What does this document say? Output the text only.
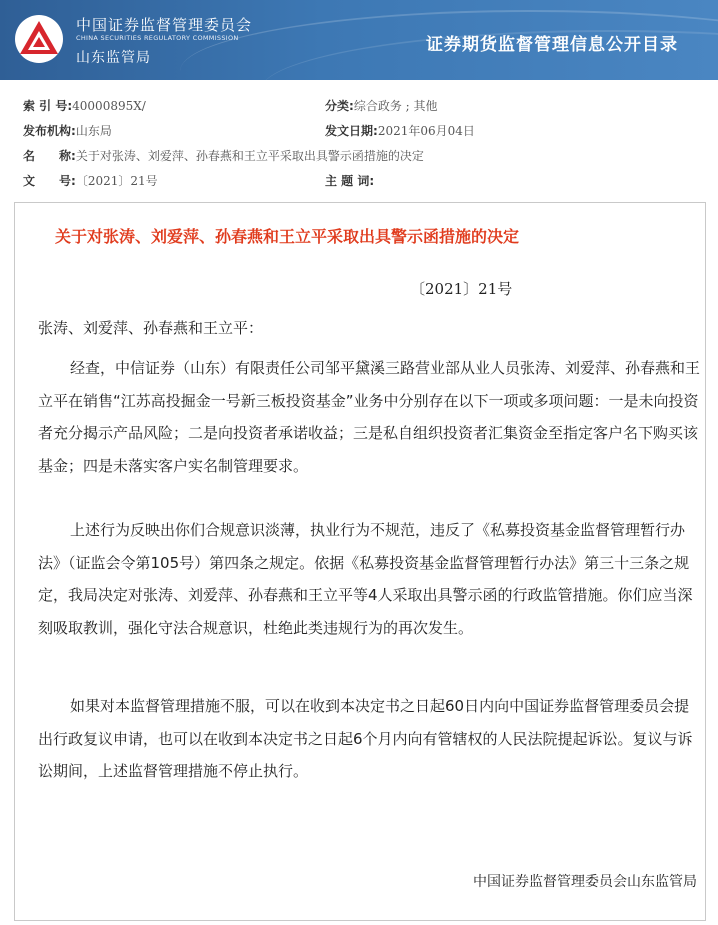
中国证券监督管理委员会
CHINA SECURITIES REGULATORY COMMISSION
山东监管局
证券期货监督管理信息公开目录
索 引 号:40000895X/	分类:综合政务 ; 其他
发布机构:山东局	发文日期:2021年06月04日
名　　称:关于对张涛、刘爱萍、孙春燕和王立平采取出具警示函措施的决定
文　　号:〔2021〕21号	主 题 词:
关于对张涛、刘爱萍、孙春燕和王立平采取出具警示函措施的决定
〔2021〕21号
张涛、刘爱萍、孙春燕和王立平：

经查，中信证券（山东）有限责任公司邹平黛溪三路营业部从业人员张涛、刘爱萍、孙春燕和王立平在销售“江苏高投掘金一号新三板投资基金”业务中分别存在以下一项或多项问题：一是未向投资者充分揭示产品风险；二是向投资者承诺收益；三是私自组织投资者汇集资金至指定客户名下购买该基金；四是未落实客户实名制管理要求。

上述行为反映出你们合规意识淡薄，执业行为不规范，违反了《私募投资基金监督管理暂行办法》（证监会令第105号）第四条之规定。依据《私募投资基金监督管理暂行办法》第三十三条之规定，我局决定对张涛、刘爱萍、孙春燕和王立平等4人采取出具警示函的行政监管措施。你们应当深刻吸取教训，强化守法合规意识，杜绝此类违规行为的再次发生。

如果对本监督管理措施不服，可以在收到本决定书之日起60日内向中国证券监督管理委员会提出行政复议申请，也可以在收到本决定书之日起6个月内向有管辖权的人民法院提起诉讼。复议与诉讼期间，上述监督管理措施不停止执行。

中国证券监督管理委员会山东监管局
